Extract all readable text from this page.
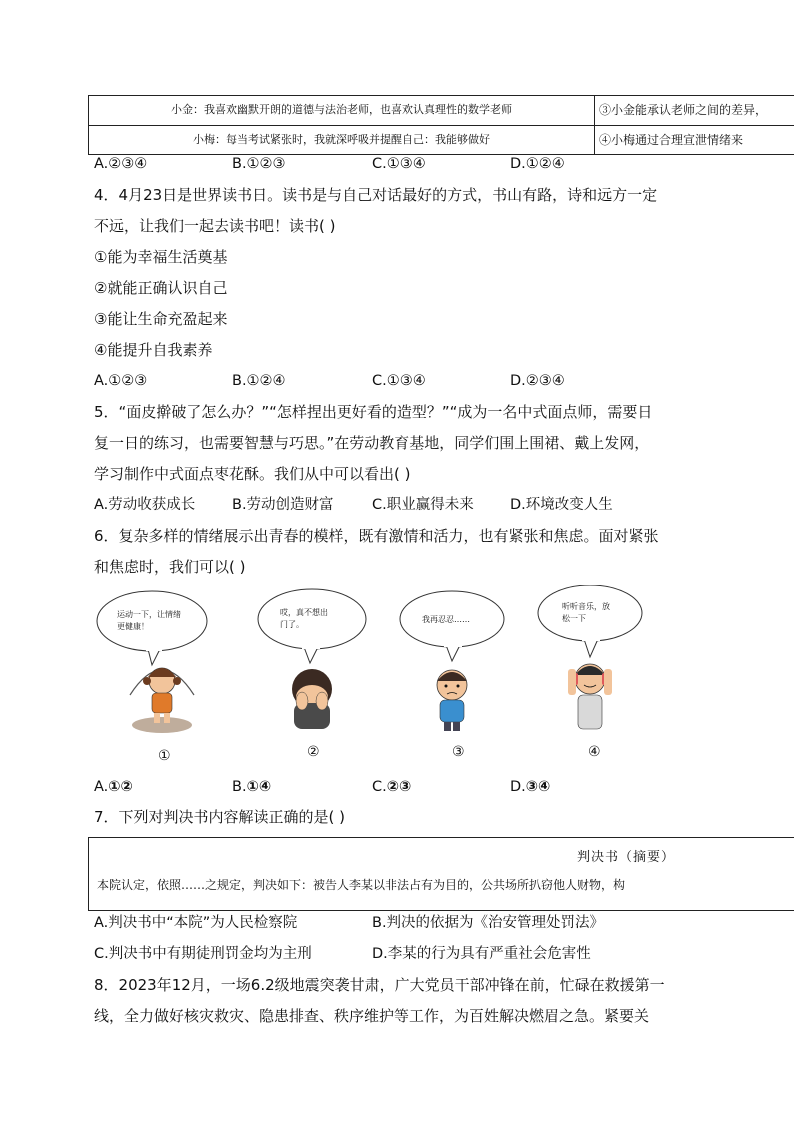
小金：我喜欢幽默开朗的道德与法治老师，也喜欢认真理性的数学老师	③小金能承认老师之间的差异，
小梅：每当考试紧张时，我就深呼吸并提醒自己：我能够做好	④小梅通过合理宣泄情绪来
A.②③④	B.①②③	C.①③④	D.①②④
4．4月23日是世界读书日。读书是与自己对话最好的方式，书山有路，诗和远方一定
不远，让我们一起去读书吧！读书( )
①能为幸福生活奠基
②就能正确认识自己
③能让生命充盈起来
④能提升自我素养
A.①②③	B.①②④	C.①③④	D.②③④
5．“面皮擀破了怎么办？”“怎样捏出更好看的造型？”“成为一名中式面点师，需要日
复一日的练习，也需要智慧与巧思。”在劳动教育基地，同学们围上围裙、戴上发网，
学习制作中式面点枣花酥。我们从中可以看出( )
A.劳动收获成长	B.劳动创造财富	C.职业赢得未来	D.环境改变人生
6．复杂多样的情绪展示出青春的模样，既有激情和活力，也有紧张和焦虑。面对紧张
和焦虑时，我们可以( )
运动一下，让情绪
更健康！
哎，真不想出
门了。
我再忍忍……
听听音乐，放
松一下
①	②	③	④
A.①②	B.①④	C.②③	D.③④
7．下列对判决书内容解读正确的是( )
判决书（摘要）
本院认定，依照……之规定，判决如下：被告人李某以非法占有为目的，公共场所扒窃他人财物，构
A.判决书中“本院”为人民检察院	B.判决的依据为《治安管理处罚法》
C.判决书中有期徒刑罚金均为主刑	D.李某的行为具有严重社会危害性
8．2023年12月，一场6.2级地震突袭甘肃，广大党员干部冲锋在前，忙碌在救援第一
线，全力做好核灾救灾、隐患排查、秩序维护等工作，为百姓解决燃眉之急。紧要关
